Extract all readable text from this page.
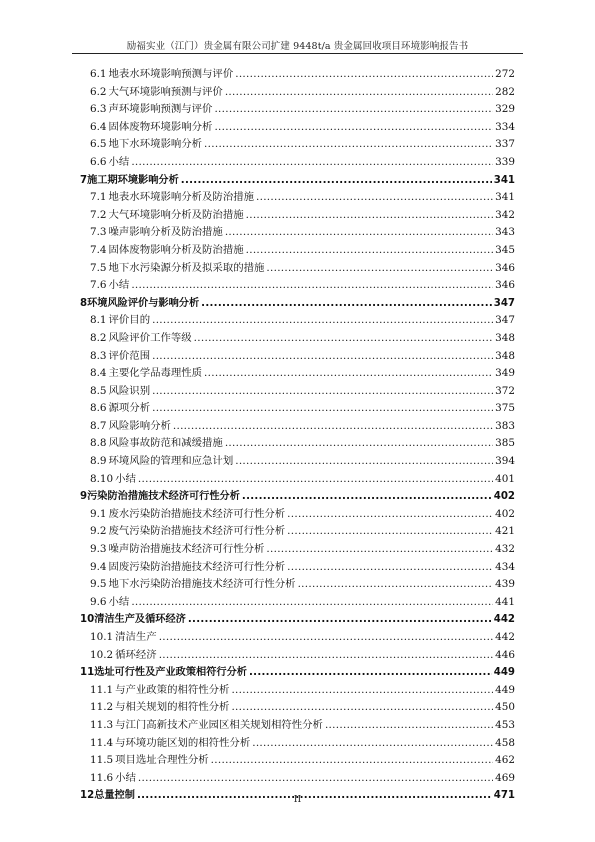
励福实业（江门）贵金属有限公司扩建 9448t/a 贵金属回收项目环境影响报告书
6.1 地表水环境影响预测与评价 .....	272
6.2 大气环境影响预测与评价 .....	282
6.3 声环境影响预测与评价 .....	329
6.4 固体废物环境影响分析 .....	334
6.5 地下水环境影响分析 .....	337
6.6 小结 .....	339
7 施工期环境影响分析 .....	341
7.1 地表水环境影响分析及防治措施 .....	341
7.2 大气环境影响分析及防治措施 .....	342
7.3 噪声影响分析及防治措施 .....	343
7.4 固体废物影响分析及防治措施 .....	345
7.5 地下水污染源分析及拟采取的措施 .....	346
7.6 小结 .....	346
8 环境风险评价与影响分析 .....	347
8.1 评价目的 .....	347
8.2 风险评价工作等级 .....	348
8.3 评价范围 .....	348
8.4 主要化学品毒理性质 .....	349
8.5 风险识别 .....	372
8.6 源项分析 .....	375
8.7 风险影响分析 .....	383
8.8 风险事故防范和减缓措施 .....	385
8.9 环境风险的管理和应急计划 .....	394
8.10 小结 .....	401
9 污染防治措施技术经济可行性分析 .....	402
9.1 废水污染防治措施技术经济可行性分析 .....	402
9.2 废气污染防治措施技术经济可行性分析 .....	421
9.3 噪声防治措施技术经济可行性分析 .....	432
9.4 固废污染防治措施技术经济可行性分析 .....	434
9.5 地下水污染防治措施技术经济可行性分析 .....	439
9.6 小结 .....	441
10 清洁生产及循环经济 .....	442
10.1 清洁生产 .....	442
10.2 循环经济 .....	446
11 选址可行性及产业政策相符行分析 .....	449
11.1 与产业政策的相符性分析 .....	449
11.2 与相关规划的相符性分析 .....	450
11.3 与江门高新技术产业园区相关规划相符性分析 .....	453
11.4 与环境功能区划的相符性分析 .....	458
11.5 项目选址合理性分析 .....	462
11.6 小结 .....	469
12 总量控制 .....	471
II
